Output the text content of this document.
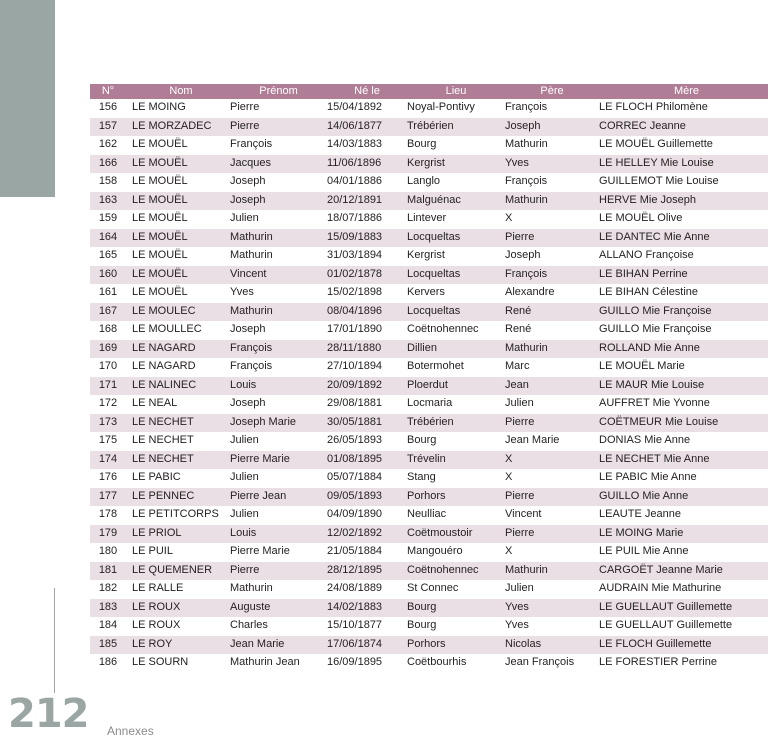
N°	Nom	Prénom	Né le	Lieu	Père	Mère
156	LE MOING	Pierre	15/04/1892	Noyal-Pontivy	François	LE FLOCH Philomène
157	LE MORZADEC	Pierre	14/06/1877	Trébérien	Joseph	CORREC Jeanne
162	LE MOUËL	François	14/03/1883	Bourg	Mathurin	LE MOUËL Guillemette
166	LE MOUËL	Jacques	11/06/1896	Kergrist	Yves	LE HELLEY Mie Louise
158	LE MOUËL	Joseph	04/01/1886	Langlo	François	GUILLEMOT Mie Louise
163	LE MOUËL	Joseph	20/12/1891	Malguénac	Mathurin	HERVE Mie Joseph
159	LE MOUËL	Julien	18/07/1886	Lintever	X	LE MOUËL Olive
164	LE MOUËL	Mathurin	15/09/1883	Locqueltas	Pierre	LE DANTEC Mie Anne
165	LE MOUËL	Mathurin	31/03/1894	Kergrist	Joseph	ALLANO Françoise
160	LE MOUËL	Vincent	01/02/1878	Locqueltas	François	LE BIHAN Perrine
161	LE MOUËL	Yves	15/02/1898	Kervers	Alexandre	LE BIHAN Célestine
167	LE MOULEC	Mathurin	08/04/1896	Locqueltas	René	GUILLO Mie Françoise
168	LE MOULLEC	Joseph	17/01/1890	Coëtnohennec	René	GUILLO Mie Françoise
169	LE NAGARD	François	28/11/1880	Dillien	Mathurin	ROLLAND Mie Anne
170	LE NAGARD	François	27/10/1894	Botermohet	Marc	LE MOUËL Marie
171	LE NALINEC	Louis	20/09/1892	Ploerdut	Jean	LE MAUR Mie Louise
172	LE NEAL	Joseph	29/08/1881	Locmaria	Julien	AUFFRET Mie Yvonne
173	LE NECHET	Joseph Marie	30/05/1881	Trébérien	Pierre	COËTMEUR Mie Louise
175	LE NECHET	Julien	26/05/1893	Bourg	Jean Marie	DONIAS Mie Anne
174	LE NECHET	Pierre Marie	01/08/1895	Trévelin	X	LE NECHET Mie Anne
176	LE PABIC	Julien	05/07/1884	Stang	X	LE PABIC Mie Anne
177	LE PENNEC	Pierre Jean	09/05/1893	Porhors	Pierre	GUILLO Mie Anne
178	LE PETITCORPS	Julien	04/09/1890	Neulliac	Vincent	LEAUTE Jeanne
179	LE PRIOL	Louis	12/02/1892	Coëtmoustoir	Pierre	LE MOING Marie
180	LE PUIL	Pierre Marie	21/05/1884	Mangouéro	X	LE PUIL Mie Anne
181	LE QUEMENER	Pierre	28/12/1895	Coëtnohennec	Mathurin	CARGOËT Jeanne Marie
182	LE RALLE	Mathurin	24/08/1889	St Connec	Julien	AUDRAIN Mie Mathurine
183	LE ROUX	Auguste	14/02/1883	Bourg	Yves	LE GUELLAUT Guillemette
184	LE ROUX	Charles	15/10/1877	Bourg	Yves	LE GUELLAUT Guillemette
185	LE ROY	Jean Marie	17/06/1874	Porhors	Nicolas	LE FLOCH Guillemette
186	LE SOURN	Mathurin Jean	16/09/1895	Coëtbourhis	Jean François	LE FORESTIER Perrine
212 Annexes
